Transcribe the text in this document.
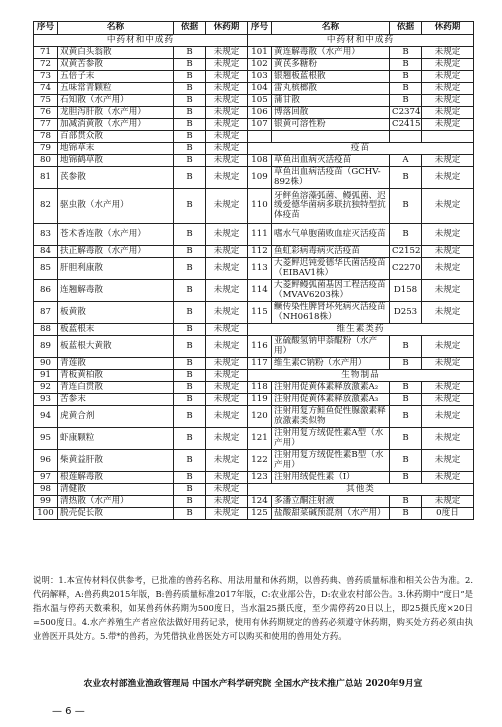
序号	名称	依据	休药期	序号	名称	依据	休药期
中药材和中成药				中药材和中成药			
71	双黄白头翁散	B	未规定	101	黄连解毒散（水产用）	B	未规定
72	双黄苦参散	B	未规定	102	黄芪多糖粉	B	未规定
73	五倍子末	B	未规定	103	银翘板蓝根散	B	未规定
74	五味常青颗粒	B	未规定	104	雷丸槟榔散	B	未规定
75	石知散（水产用）	B	未规定	105	蒲甘散	B	未规定
76	龙胆泻肝散（水产用）	B	未规定	106	博落回散	C2374	未规定
77	加减消黄散（水产用）	B	未规定	107	银黄可溶性粉	C2415	未规定
78	百部贯众散	B	未规定				
79	地锦草末	B	未规定	疫苗			
80	地锦鹤草散	B	未规定	108	草鱼出血病灭活疫苗	A	未规定
81	芪参散	B	未规定	109	草鱼出血病活疫苗（GCHV-892株）	B	未规定
82	驱虫散（水产用）	B	未规定	110	牙鲆鱼溶藻弧菌、鳗弧菌、迟缓爱德华菌病多联抗独特型抗体疫苗	B	未规定
83	苍术香连散（水产用）	B	未规定	111	嗜水气单胞菌败血症灭活疫苗	B	未规定
84	扶正解毒散（水产用）	B	未规定	112	鱼虹彩病毒病灭活疫苗	C2152	未规定
85	肝胆利康散	B	未规定	113	大菱鲆迟钝爱德华氏菌活疫苗（EIBAV1株）	C2270	未规定
86	连翘解毒散	B	未规定	114	大菱鲆鳗弧菌基因工程活疫苗（MVAV6203株）	D158	未规定
87	板黄散	B	未规定	115	鳜传染性脾肾坏死病灭活疫苗（NH0618株）	D253	未规定
88	板蓝根末	B	未规定	维生素类药			
89	板蓝根大黄散	B	未规定	116	亚硫酸氢钠甲萘醌粉（水产用）	B	未规定
90	青莲散	B	未规定	117	维生素C钠粉（水产用）	B	未规定
91	青板黄柏散	B	未规定	生物制品			
92	青连白贯散	B	未规定	118	注射用促黄体素释放激素A₂	B	未规定
93	苦参末	B	未规定	119	注射用促黄体素释放激素A₃	B	未规定
94	虎黄合剂	B	未规定	120	注射用复方鲑鱼促性腺激素释放激素类似物	B	未规定
95	虾康颗粒	B	未规定	121	注射用复方绒促性素A型（水产用）	B	未规定
96	柴黄益肝散	B	未规定	122	注射用复方绒促性素B型（水产用）	B	未规定
97	根莲解毒散	B	未规定	123	注射用绒促性素（I）	B	未规定
98	清健散	B	未规定	其他类			
99	清热散（水产用）	B	未规定	124	多潘立酮注射液	B	未规定
100	脱壳促长散	B	未规定	125	盐酸甜菜碱预混剂（水产用）	B	0度日
说明：1.本宣传材料仅供参考，已批准的兽药名称、用法用量和休药期，以兽药典、兽药质量标准和相关公告为准。2.代码解释，A:兽药典2015年版，B:兽药质量标准2017年版，C:农业部公告，D:农业农村部公告。3.休药期中“度日”是指水温与停药天数乘积，如某兽药休药期为500度日，当水温25摄氏度，至少需停药20日以上，即25摄氏度×20日=500度日。4.水产养殖生产者应依法做好用药记录，使用有休药期规定的兽药必须遵守休药期，购买处方药必须由执业兽医开具处方。5.带*的兽药，为凭借执业兽医处方可以购买和使用的兽用处方药。
农业农村部渔业渔政管理局 中国水产科学研究院 全国水产技术推广总站 2020年9月宣
— 6 —
